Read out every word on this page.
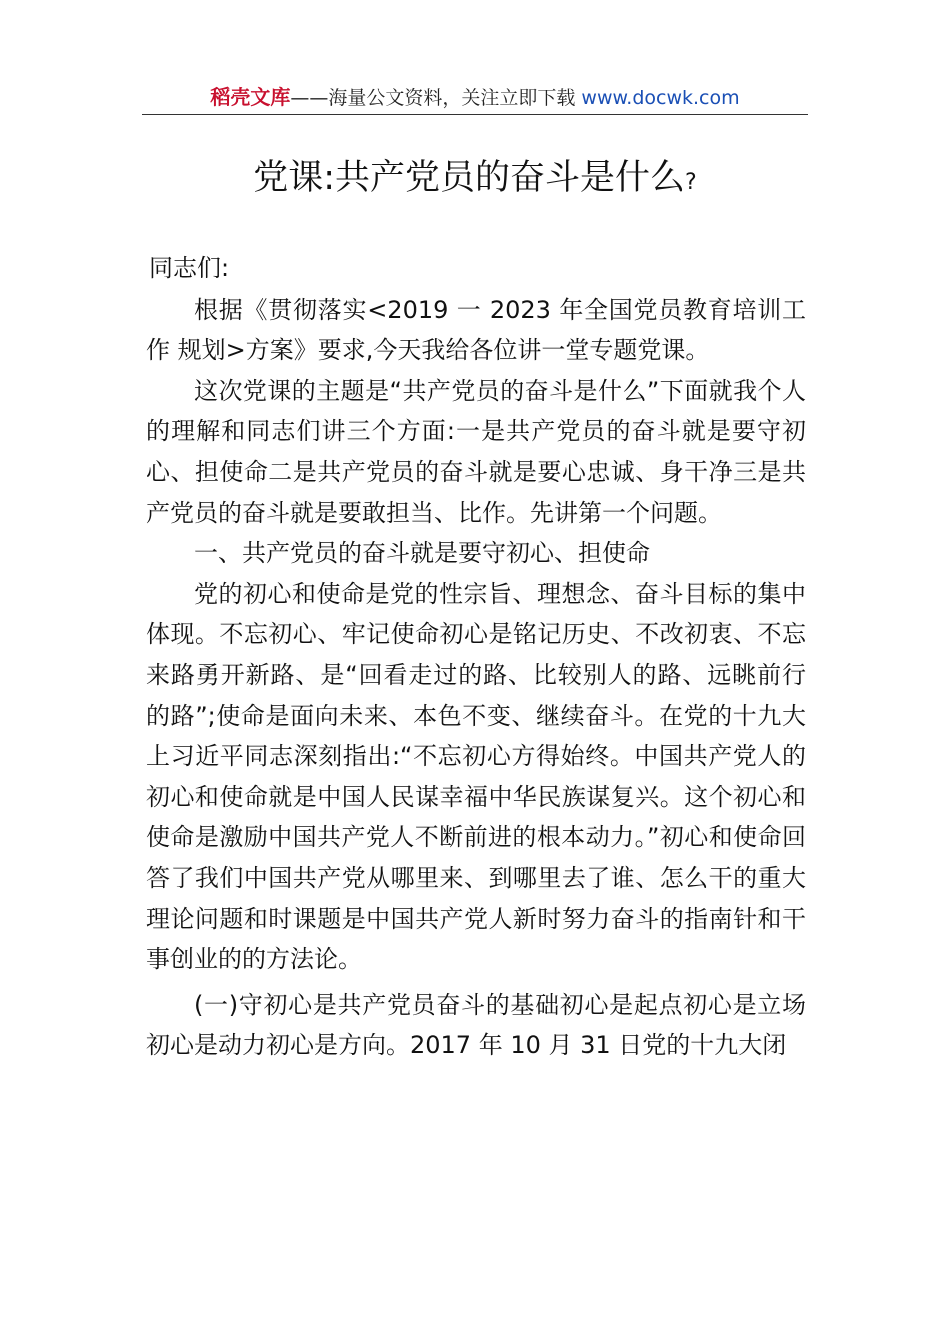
稻壳文库——海量公文资料，关注立即下载 www.docwk.com
党课:共产党员的奋斗是什么?

同志们:

根据《贯彻落实<2019 一 2023 年全国党员教育培训工作 规划>方案》要求,今天我给各位讲一堂专题党课。

这次党课的主题是“共产党员的奋斗是什么”下面就我个人的理解和同志们讲三个方面:一是共产党员的奋斗就是要守初心、担使命二是共产党员的奋斗就是要心忠诚、身干净三是共产党员的奋斗就是要敢担当、比作。先讲第一个问题。

一、共产党员的奋斗就是要守初心、担使命

党的初心和使命是党的性宗旨、理想念、奋斗目标的集中体现。不忘初心、牢记使命初心是铭记历史、不改初衷、不忘来路勇开新路、是“回看走过的路、比较别人的路、远眺前行的路”;使命是面向未来、本色不变、继续奋斗。在党的十九大上习近平同志深刻指出:“不忘初心方得始终。中国共产党人的初心和使命就是中国人民谋幸福中华民族谋复兴。这个初心和使命是激励中国共产党人不断前进的根本动力。”初心和使命回答了我们中国共产党从哪里来、到哪里去了谁、怎么干的重大理论问题和时课题是中国共产党人新时努力奋斗的指南针和干事创业的的方法论。

(一)守初心是共产党员奋斗的基础初心是起点初心是立场初心是动力初心是方向。2017 年 10 月 31 日党的十九大闭
